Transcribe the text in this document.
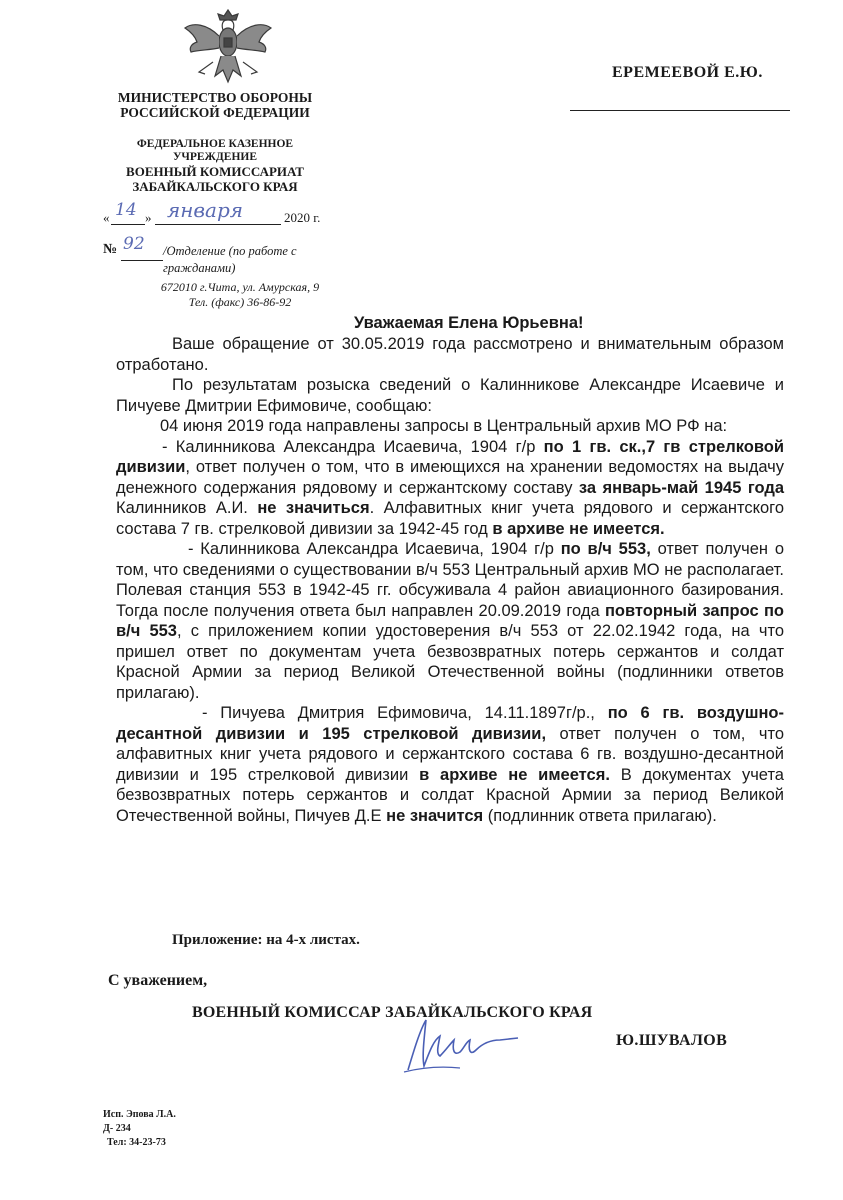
МИНИСТЕРСТВО ОБОРОНЫ
РОССИЙСКОЙ ФЕДЕРАЦИИ
ФЕДЕРАЛЬНОЕ КАЗЕННОЕ
УЧРЕЖДЕНИЕ
ВОЕННЫЙ КОМИССАРИАТ
ЗАБАЙКАЛЬСКОГО КРАЯ
« 14 » января	2020 г.
№ 92 /Отделение (по работе с гражданами)
672010 г.Чита, ул. Амурская, 9
Тел. (факс) 36-86-92
ЕРЕМЕЕВОЙ Е.Ю.
Уважаемая Елена Юрьевна!

Ваше обращение от 30.05.2019 года рассмотрено и внимательным образом отработано.

По результатам розыска сведений о Калинникове Александре Исаевиче и Пичуеве Дмитрии Ефимовиче, сообщаю:

04 июня 2019 года направлены запросы в Центральный архив МО РФ на:

- Калинникова Александра Исаевича, 1904 г/р по 1 гв. ск.,7 гв стрелковой дивизии, ответ получен о том, что в имеющихся на хранении ведомостях на выдачу денежного содержания рядовому и сержантскому составу за январь-май 1945 года Калинников А.И. не значиться. Алфавитных книг учета рядового и сержантского состава 7 гв. стрелковой дивизии за 1942-45 год в архиве не имеется.

- Калинникова Александра Исаевича, 1904 г/р по в/ч 553, ответ получен о том, что сведениями о существовании в/ч 553 Центральный архив МО не располагает. Полевая станция 553 в 1942-45 гг. обсуживала 4 район авиационного базирования. Тогда после получения ответа был направлен 20.09.2019 года повторный запрос по в/ч 553, с приложением копии удостоверения в/ч 553 от 22.02.1942 года, на что пришел ответ по документам учета безвозвратных потерь сержантов и солдат Красной Армии за период Великой Отечественной войны (подлинники ответов прилагаю).

- Пичуева Дмитрия Ефимовича, 14.11.1897г/р., по 6 гв. воздушно-десантной дивизии и 195 стрелковой дивизии, ответ получен о том, что алфавитных книг учета рядового и сержантского состава 6 гв. воздушно-десантной дивизии и 195 стрелковой дивизии в архиве не имеется. В документах учета безвозвратных потерь сержантов и солдат Красной Армии за период Великой Отечественной войны, Пичуев Д.Е не значится (подлинник ответа прилагаю).

Приложение: на 4-х листах.
С уважением,
ВОЕННЫЙ КОМИССАР ЗАБАЙКАЛЬСКОГО КРАЯ
Ю.ШУВАЛОВ
Исп. Эпова Л.А.
Д- 234
Тел: 34-23-73
